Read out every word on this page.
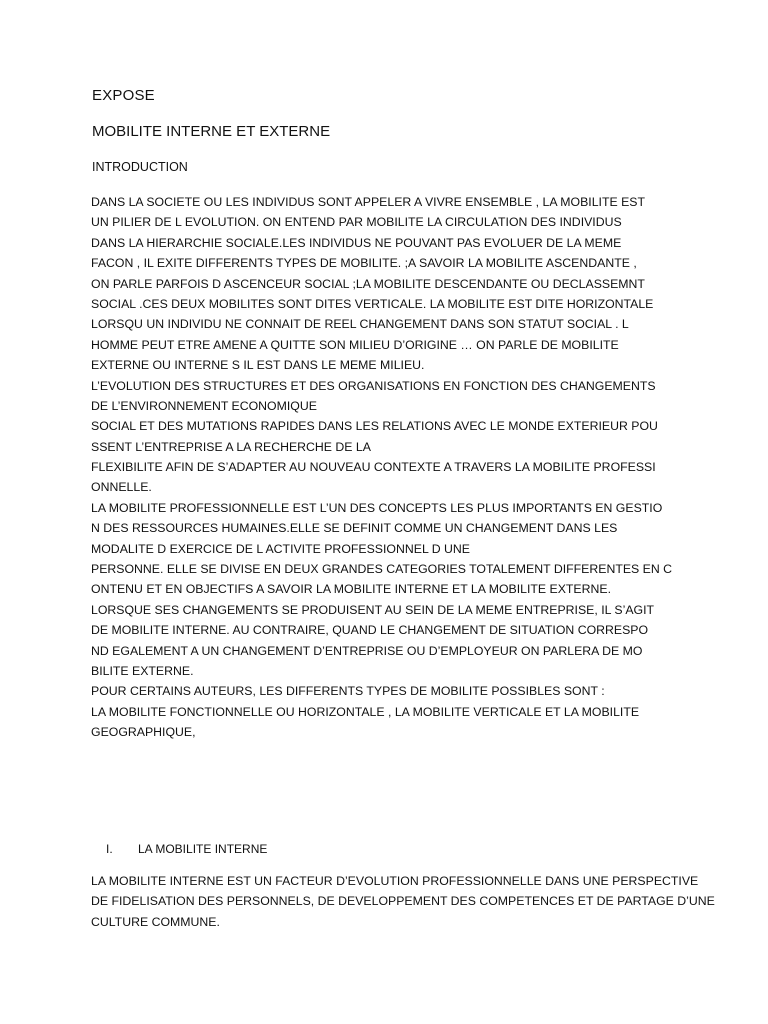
EXPOSE
MOBILITE INTERNE ET EXTERNE
INTRODUCTION
DANS LA SOCIETE OU LES INDIVIDUS SONT APPELER A VIVRE ENSEMBLE , LA MOBILITE EST
UN PILIER DE L EVOLUTION. ON ENTEND PAR MOBILITE LA CIRCULATION DES INDIVIDUS
DANS LA HIERARCHIE SOCIALE.LES INDIVIDUS NE POUVANT PAS EVOLUER DE LA MEME
FACON , IL EXITE DIFFERENTS TYPES DE MOBILITE. ;A SAVOIR LA MOBILITE ASCENDANTE ,
ON PARLE PARFOIS D ASCENCEUR SOCIAL ;LA MOBILITE DESCENDANTE OU DECLASSEMNT
SOCIAL .CES DEUX MOBILITES SONT DITES VERTICALE. LA MOBILITE EST DITE HORIZONTALE
LORSQU UN INDIVIDU NE CONNAIT DE REEL CHANGEMENT DANS SON STATUT SOCIAL . L
HOMME PEUT ETRE AMENE A QUITTE SON MILIEU D’ORIGINE … ON PARLE DE MOBILITE
EXTERNE OU INTERNE S IL EST DANS LE MEME MILIEU.
L’EVOLUTION DES STRUCTURES ET DES ORGANISATIONS EN FONCTION DES CHANGEMENTS
DE L’ENVIRONNEMENT ECONOMIQUE
SOCIAL ET DES MUTATIONS RAPIDES DANS LES RELATIONS AVEC LE MONDE EXTERIEUR POU
SSENT L’ENTREPRISE A LA RECHERCHE DE LA
FLEXIBILITE AFIN DE S’ADAPTER AU NOUVEAU CONTEXTE A TRAVERS LA MOBILITE PROFESSI
ONNELLE.
LA MOBILITE PROFESSIONNELLE EST L’UN DES CONCEPTS LES PLUS IMPORTANTS EN GESTIO
N DES RESSOURCES HUMAINES.ELLE SE DEFINIT COMME UN CHANGEMENT DANS LES
MODALITE D EXERCICE DE L ACTIVITE PROFESSIONNEL D UNE
PERSONNE. ELLE SE DIVISE EN DEUX GRANDES CATEGORIES TOTALEMENT DIFFERENTES EN C
ONTENU ET EN OBJECTIFS A SAVOIR LA MOBILITE INTERNE ET LA MOBILITE EXTERNE.
LORSQUE SES CHANGEMENTS SE PRODUISENT AU SEIN DE LA MEME ENTREPRISE, IL S’AGIT
DE MOBILITE INTERNE. AU CONTRAIRE, QUAND LE CHANGEMENT DE SITUATION CORRESPO
ND EGALEMENT A UN CHANGEMENT D’ENTREPRISE OU D’EMPLOYEUR ON PARLERA DE MO
BILITE EXTERNE.
POUR CERTAINS AUTEURS, LES DIFFERENTS TYPES DE MOBILITE POSSIBLES SONT :
LA MOBILITE FONCTIONNELLE OU HORIZONTALE , LA MOBILITE VERTICALE ET LA MOBILITE
GEOGRAPHIQUE,
I. LA MOBILITE INTERNE
LA MOBILITE INTERNE EST UN FACTEUR D’EVOLUTION PROFESSIONNELLE DANS UNE PERSPECTIVE
DE FIDELISATION DES PERSONNELS, DE DEVELOPPEMENT DES COMPETENCES ET DE PARTAGE D’UNE
CULTURE COMMUNE.
